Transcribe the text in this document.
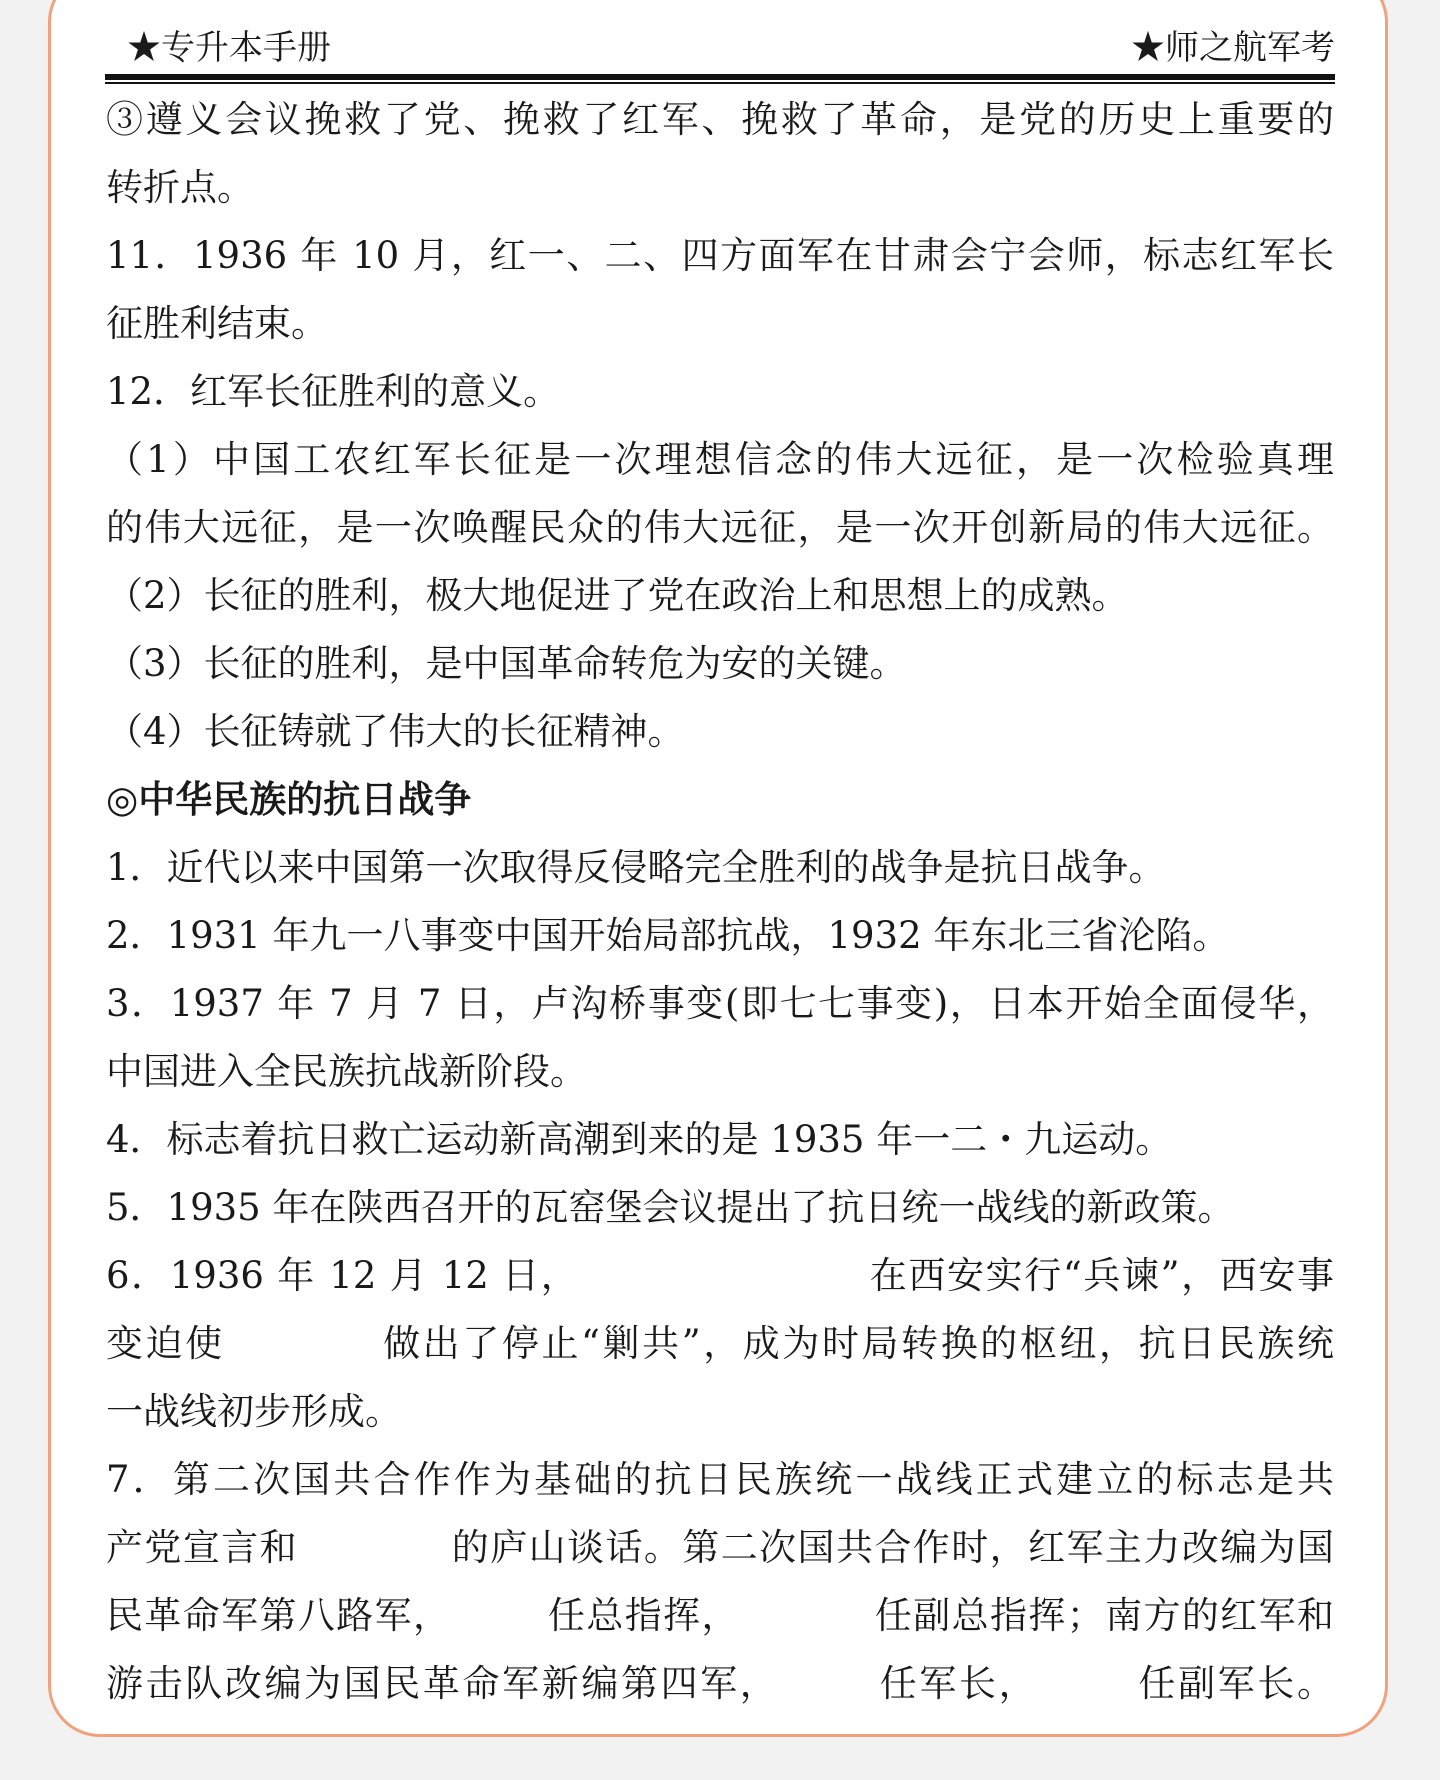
★专升本手册	★师之航军考
③遵义会议挽救了党、挽救了红军、挽救了革命，是党的历史上重要的
转折点。
11．1936 年 10 月，红一、二、四方面军在甘肃会宁会师，标志红军长
征胜利结束。
12．红军长征胜利的意义。
（1）中国工农红军长征是一次理想信念的伟大远征，是一次检验真理
的伟大远征，是一次唤醒民众的伟大远征，是一次开创新局的伟大远征。
（2）长征的胜利，极大地促进了党在政治上和思想上的成熟。
（3）长征的胜利，是中国革命转危为安的关键。
（4）长征铸就了伟大的长征精神。
◎中华民族的抗日战争
1．近代以来中国第一次取得反侵略完全胜利的战争是抗日战争。
2．1931 年九一八事变中国开始局部抗战，1932 年东北三省沦陷。
3．1937 年 7 月 7 日，卢沟桥事变(即七七事变)，日本开始全面侵华，
中国进入全民族抗战新阶段。
4．标志着抗日救亡运动新高潮到来的是 1935 年一二・九运动。
5．1935 年在陕西召开的瓦窑堡会议提出了抗日统一战线的新政策。
6．1936 年 12 月 12 日，　　　　　　　　在西安实行“兵谏”，西安事
变迫使　　　　做出了停止“剿共”，成为时局转换的枢纽，抗日民族统
一战线初步形成。
7．第二次国共合作作为基础的抗日民族统一战线正式建立的标志是共
产党宣言和　　　　的庐山谈话。第二次国共合作时，红军主力改编为国
民革命军第八路军，　　　任总指挥，　　　　任副总指挥；南方的红军和
游击队改编为国民革命军新编第四军，　　　任军长，　　　任副军长。
